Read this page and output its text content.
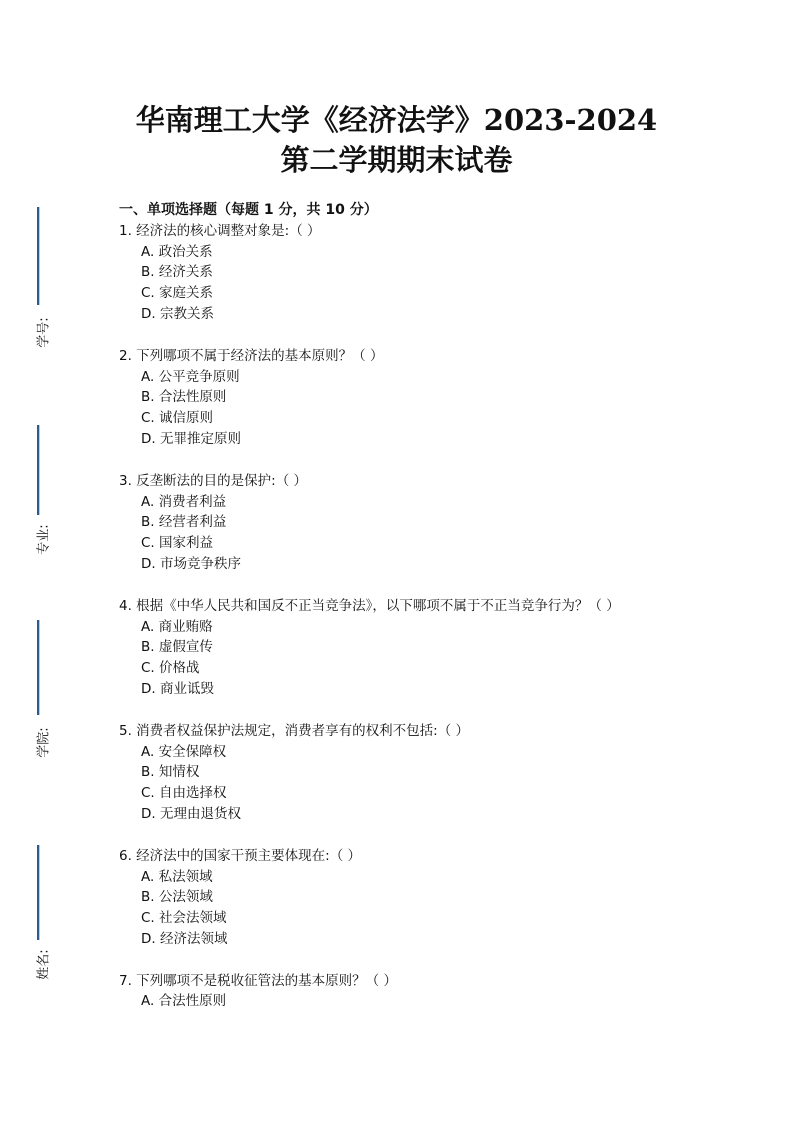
华南理工大学《经济法学》2023-2024
第二学期期末试卷
学号:
专业:
学院:
姓名:
一、单项选择题（每题 1 分，共 10 分）
1. 经济法的核心调整对象是:（ ）
A. 政治关系
B. 经济关系
C. 家庭关系
D. 宗教关系
2. 下列哪项不属于经济法的基本原则？（ ）
A. 公平竞争原则
B. 合法性原则
C. 诚信原则
D. 无罪推定原则
3. 反垄断法的目的是保护:（ ）
A. 消费者利益
B. 经营者利益
C. 国家利益
D. 市场竞争秩序
4. 根据《中华人民共和国反不正当竞争法》，以下哪项不属于不正当竞争行为？（ ）
A. 商业贿赂
B. 虚假宣传
C. 价格战
D. 商业诋毁
5. 消费者权益保护法规定，消费者享有的权利不包括:（ ）
A. 安全保障权
B. 知情权
C. 自由选择权
D. 无理由退货权
6. 经济法中的国家干预主要体现在:（ ）
A. 私法领域
B. 公法领域
C. 社会法领域
D. 经济法领域
7. 下列哪项不是税收征管法的基本原则？（ ）
A. 合法性原则
